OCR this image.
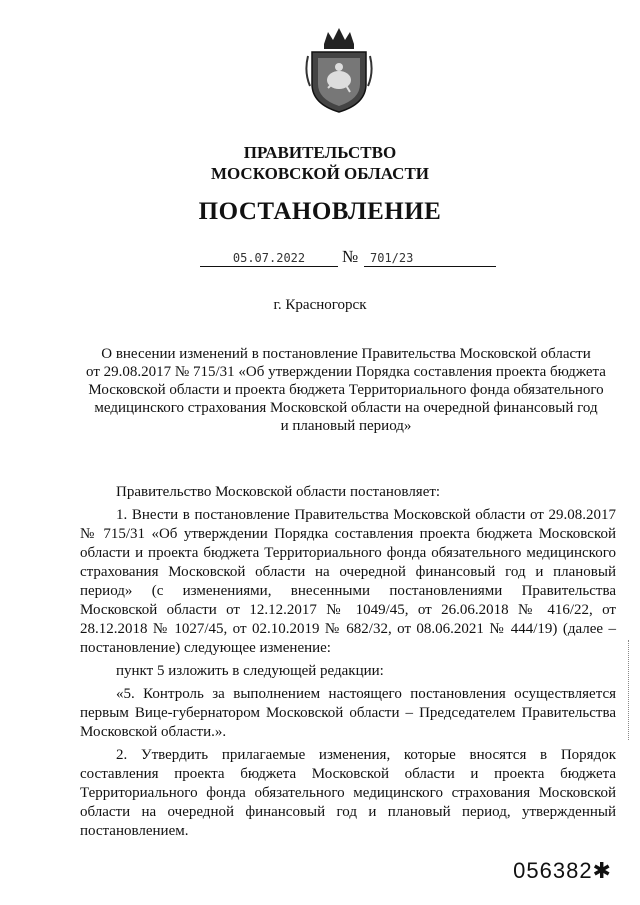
ПРАВИТЕЛЬСТВО
МОСКОВСКОЙ ОБЛАСТИ
ПОСТАНОВЛЕНИЕ
05.07.2022	№ 701/23
г. Красногорск
О внесении изменений в постановление Правительства Московской области
от 29.08.2017 № 715/31 «Об утверждении Порядка составления проекта бюджета
Московской области и проекта бюджета Территориального фонда обязательного
медицинского страхования Московской области на очередной финансовый год
и плановый период»

Правительство Московской области постановляет:

1. Внести в постановление Правительства Московской области от 29.08.2017 № 715/31 «Об утверждении Порядка составления проекта бюджета Московской области и проекта бюджета Территориального фонда обязательного медицинского страхования Московской области на очередной финансовый год и плановый период» (с изменениями, внесенными постановлениями Правительства Московской области от 12.12.2017 № 1049/45, от 26.06.2018 № 416/22, от 28.12.2018 № 1027/45, от 02.10.2019 № 682/32, от 08.06.2021 № 444/19) (далее – постановление) следующее изменение:

пункт 5 изложить в следующей редакции:

«5. Контроль за выполнением настоящего постановления осуществляется первым Вице-губернатором Московской области – Председателем Правительства Московской области.».

2. Утвердить прилагаемые изменения, которые вносятся в Порядок составления проекта бюджета Московской области и проекта бюджета Территориального фонда обязательного медицинского страхования Московской области на очередной финансовый год и плановый период, утвержденный постановлением.

056382✱
